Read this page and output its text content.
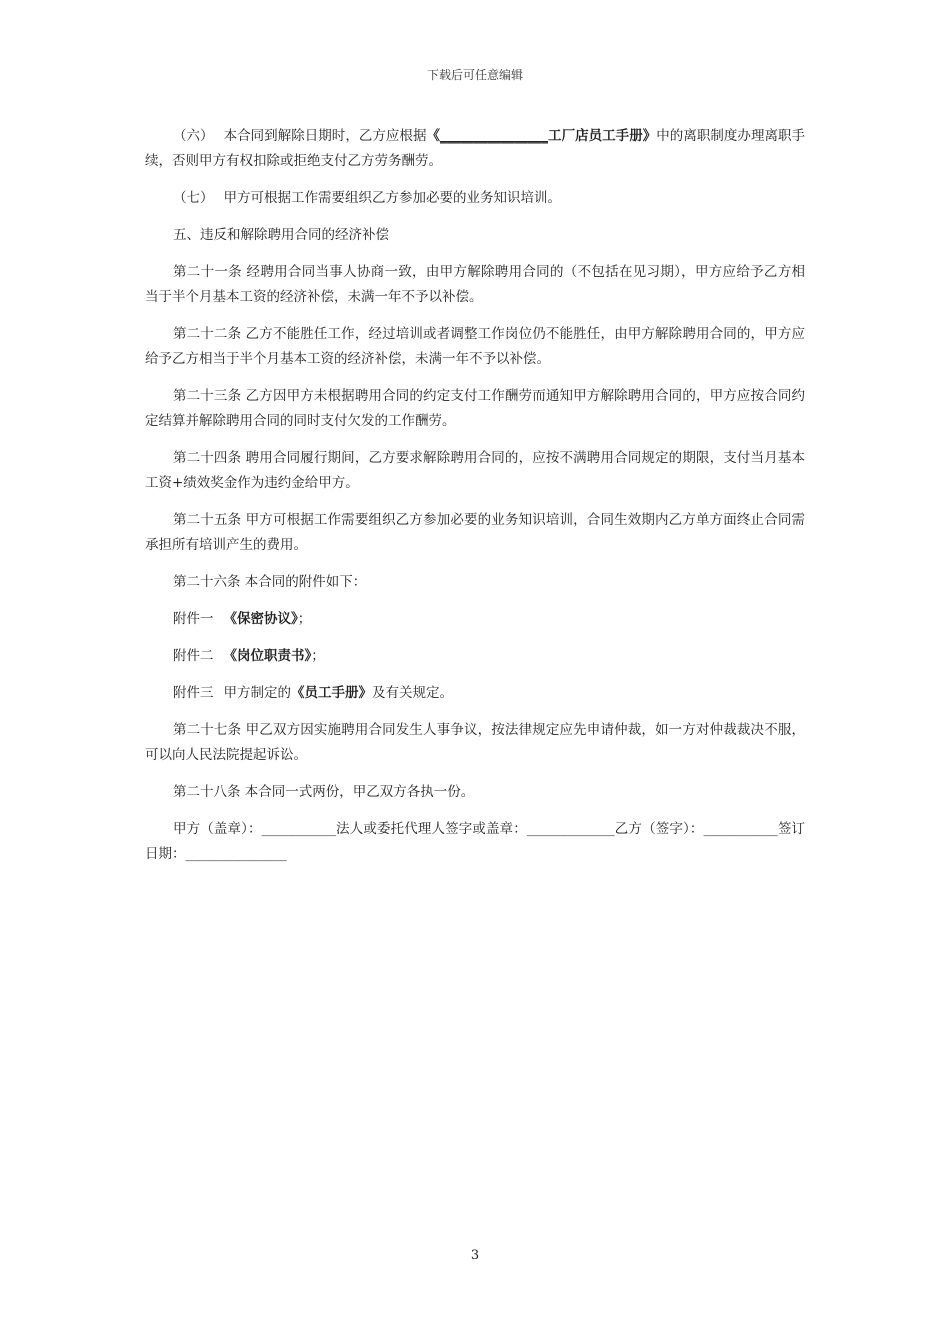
下载后可任意编辑

（六） 本合同到解除日期时，乙方应根据《________________工厂店员工手册》中的离职制度办理离职手续，否则甲方有权扣除或拒绝支付乙方劳务酬劳。

（七） 甲方可根据工作需要组织乙方参加必要的业务知识培训。

五、违反和解除聘用合同的经济补偿

第二十一条 经聘用合同当事人协商一致，由甲方解除聘用合同的（不包括在见习期），甲方应给予乙方相当于半个月基本工资的经济补偿，未满一年不予以补偿。

第二十二条 乙方不能胜任工作，经过培训或者调整工作岗位仍不能胜任，由甲方解除聘用合同的，甲方应给予乙方相当于半个月基本工资的经济补偿，未满一年不予以补偿。

第二十三条 乙方因甲方未根据聘用合同的约定支付工作酬劳而通知甲方解除聘用合同的，甲方应按合同约定结算并解除聘用合同的同时支付欠发的工作酬劳。

第二十四条 聘用合同履行期间，乙方要求解除聘用合同的，应按不满聘用合同规定的期限，支付当月基本工资+绩效奖金作为违约金给甲方。

第二十五条 甲方可根据工作需要组织乙方参加必要的业务知识培训，合同生效期内乙方单方面终止合同需承担所有培训产生的费用。

第二十六条 本合同的附件如下：

附件一 《保密协议》；

附件二 《岗位职责书》；

附件三 甲方制定的《员工手册》及有关规定。

第二十七条 甲乙双方因实施聘用合同发生人事争议，按法律规定应先申请仲裁，如一方对仲裁裁决不服，可以向人民法院提起诉讼。

第二十八条 本合同一式两份，甲乙双方各执一份。

甲方（盖章）：___________法人或委托代理人签字或盖章：_____________乙方（签字）：___________签订日期：_______________

3
